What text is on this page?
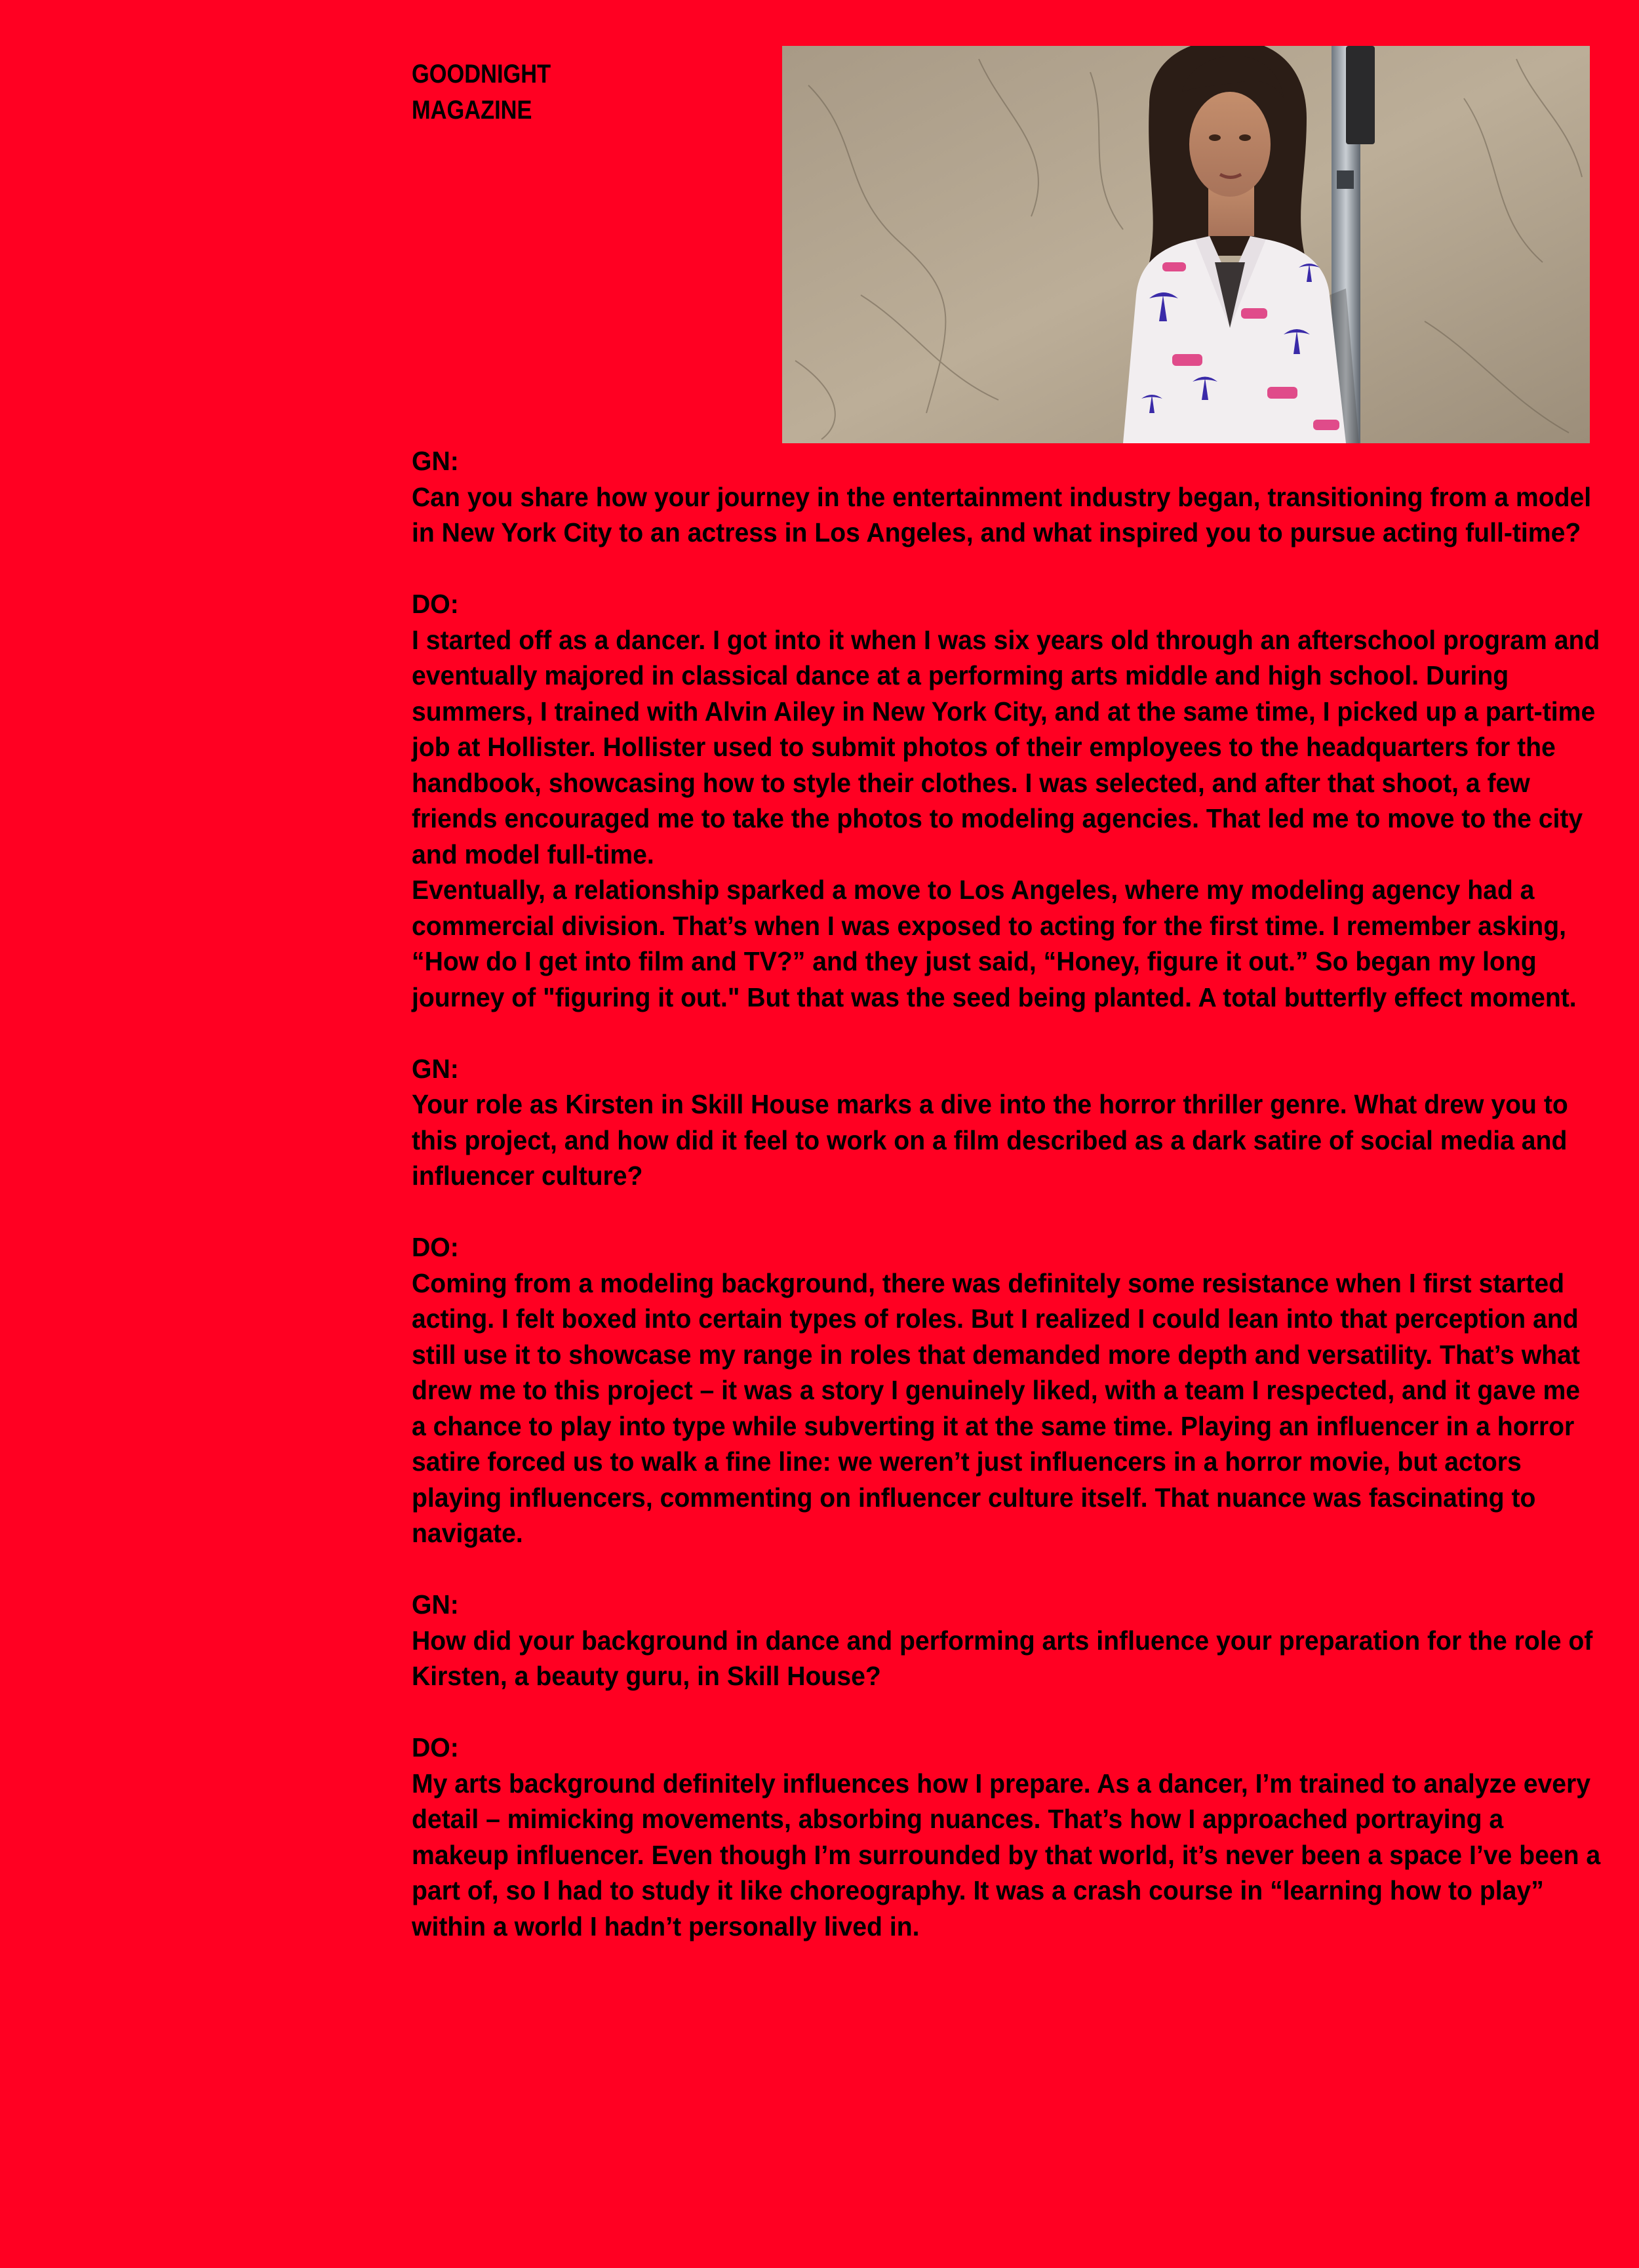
GOODNIGHT
MAGAZINE
GN:

Can you share how your journey in the entertainment industry began, transitioning from a model in New York City to an actress in Los Angeles, and what inspired you to pursue acting full-time?

DO:

I started off as a dancer. I got into it when I was six years old through an afterschool program and eventually majored in classical dance at a performing arts middle and high school. During summers, I trained with Alvin Ailey in New York City, and at the same time, I picked up a part-time job at Hollister. Hollister used to submit photos of their employees to the headquarters for the handbook, showcasing how to style their clothes. I was selected, and after that shoot, a few friends encouraged me to take the photos to modeling agencies. That led me to move to the city and model full-time.

Eventually, a relationship sparked a move to Los Angeles, where my modeling agency had a commercial division. That’s when I was exposed to acting for the first time. I remember asking, “How do I get into film and TV?” and they just said, “Honey, figure it out.” So began my long journey of "figuring it out." But that was the seed being planted. A total butterfly effect moment.

GN:

Your role as Kirsten in Skill House marks a dive into the horror thriller genre. What drew you to this project, and how did it feel to work on a film described as a dark satire of social media and influencer culture?

DO:

Coming from a modeling background, there was definitely some resistance when I first started acting. I felt boxed into certain types of roles. But I realized I could lean into that perception and still use it to showcase my range in roles that demanded more depth and versatility. That’s what drew me to this project – it was a story I genuinely liked, with a team I respected, and it gave me a chance to play into type while subverting it at the same time. Playing an influencer in a horror satire forced us to walk a fine line: we weren’t just influencers in a horror movie, but actors playing influencers, commenting on influencer culture itself. That nuance was fascinating to navigate.

GN:

How did your background in dance and performing arts influence your preparation for the role of Kirsten, a beauty guru, in Skill House?

DO:

My arts background definitely influences how I prepare. As a dancer, I’m trained to analyze every detail – mimicking movements, absorbing nuances. That’s how I approached portraying a makeup influencer. Even though I’m surrounded by that world, it’s never been a space I’ve been a part of, so I had to study it like choreography. It was a crash course in “learning how to play” within a world I hadn’t personally lived in.
